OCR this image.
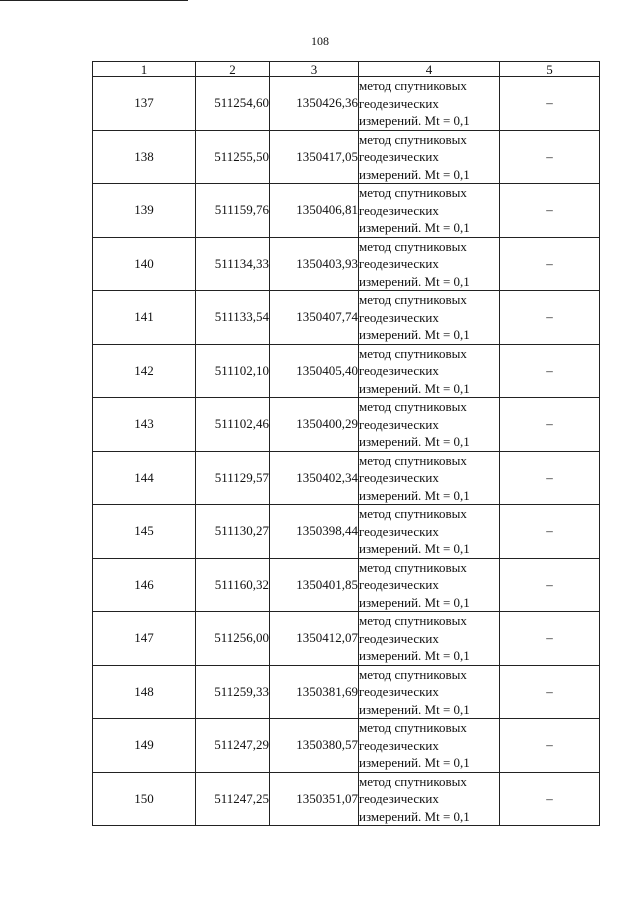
108
1	2	3	4	5
137	511254,60	1350426,36	метод спутниковых
геодезических
измерений. Mt = 0,1	–
138	511255,50	1350417,05	метод спутниковых
геодезических
измерений. Mt = 0,1	–
139	511159,76	1350406,81	метод спутниковых
геодезических
измерений. Mt = 0,1	–
140	511134,33	1350403,93	метод спутниковых
геодезических
измерений. Mt = 0,1	–
141	511133,54	1350407,74	метод спутниковых
геодезических
измерений. Mt = 0,1	–
142	511102,10	1350405,40	метод спутниковых
геодезических
измерений. Mt = 0,1	–
143	511102,46	1350400,29	метод спутниковых
геодезических
измерений. Mt = 0,1	–
144	511129,57	1350402,34	метод спутниковых
геодезических
измерений. Mt = 0,1	–
145	511130,27	1350398,44	метод спутниковых
геодезических
измерений. Mt = 0,1	–
146	511160,32	1350401,85	метод спутниковых
геодезических
измерений. Mt = 0,1	–
147	511256,00	1350412,07	метод спутниковых
геодезических
измерений. Mt = 0,1	–
148	511259,33	1350381,69	метод спутниковых
геодезических
измерений. Mt = 0,1	–
149	511247,29	1350380,57	метод спутниковых
геодезических
измерений. Mt = 0,1	–
150	511247,25	1350351,07	метод спутниковых
геодезических
измерений. Mt = 0,1	–
